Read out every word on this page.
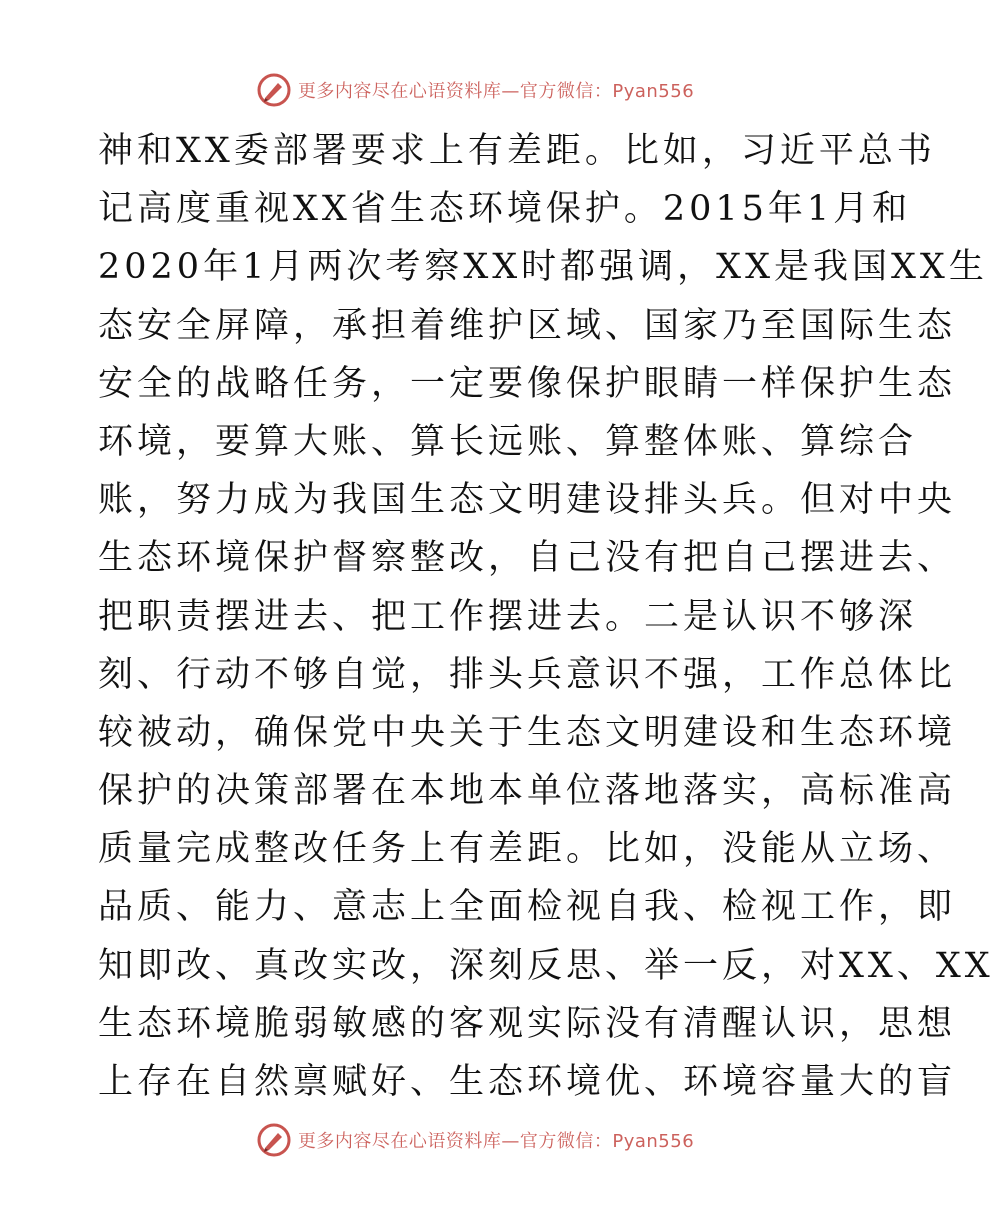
更多内容尽在心语资料库—官方微信：Pyan556
神和XX委部署要求上有差距。比如，习近平总书
记高度重视XX省生态环境保护。2015年1月和
2020年1月两次考察XX时都强调，XX是我国XX生
态安全屏障，承担着维护区域、国家乃至国际生态
安全的战略任务，一定要像保护眼睛一样保护生态
环境，要算大账、算长远账、算整体账、算综合
账，努力成为我国生态文明建设排头兵。但对中央
生态环境保护督察整改，自己没有把自己摆进去、
把职责摆进去、把工作摆进去。二是认识不够深
刻、行动不够自觉，排头兵意识不强，工作总体比
较被动，确保党中央关于生态文明建设和生态环境
保护的决策部署在本地本单位落地落实，高标准高
质量完成整改任务上有差距。比如，没能从立场、
品质、能力、意志上全面检视自我、检视工作，即
知即改、真改实改，深刻反思、举一反，对XX、XX
生态环境脆弱敏感的客观实际没有清醒认识，思想
上存在自然禀赋好、生态环境优、环境容量大的盲
更多内容尽在心语资料库—官方微信：Pyan556
